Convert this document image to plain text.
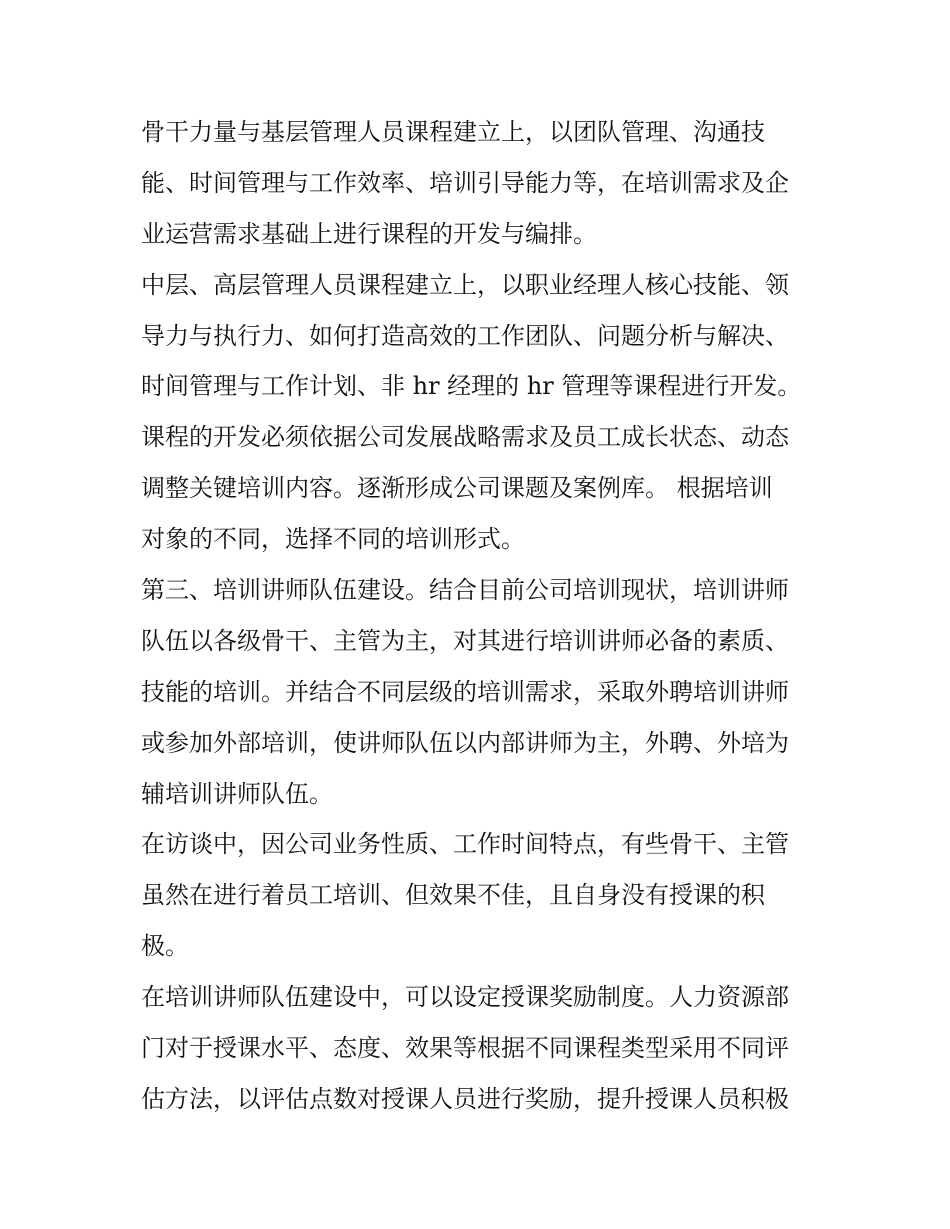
骨干力量与基层管理人员课程建立上，以团队管理、沟通技
能、时间管理与工作效率、培训引导能力等，在培训需求及企
业运营需求基础上进行课程的开发与编排。
中层、高层管理人员课程建立上，以职业经理人核心技能、领
导力与执行力、如何打造高效的工作团队、问题分析与解决、
时间管理与工作计划、非 hr 经理的 hr 管理等课程进行开发。
课程的开发必须依据公司发展战略需求及员工成长状态、动态
调整关键培训内容。逐渐形成公司课题及案例库。 根据培训
对象的不同，选择不同的培训形式。
第三、培训讲师队伍建设。结合目前公司培训现状，培训讲师
队伍以各级骨干、主管为主，对其进行培训讲师必备的素质、
技能的培训。并结合不同层级的培训需求，采取外聘培训讲师
或参加外部培训，使讲师队伍以内部讲师为主，外聘、外培为
辅培训讲师队伍。
在访谈中，因公司业务性质、工作时间特点，有些骨干、主管
虽然在进行着员工培训、但效果不佳，且自身没有授课的积
极。
在培训讲师队伍建设中，可以设定授课奖励制度。人力资源部
门对于授课水平、态度、效果等根据不同课程类型采用不同评
估方法，以评估点数对授课人员进行奖励，提升授课人员积极
